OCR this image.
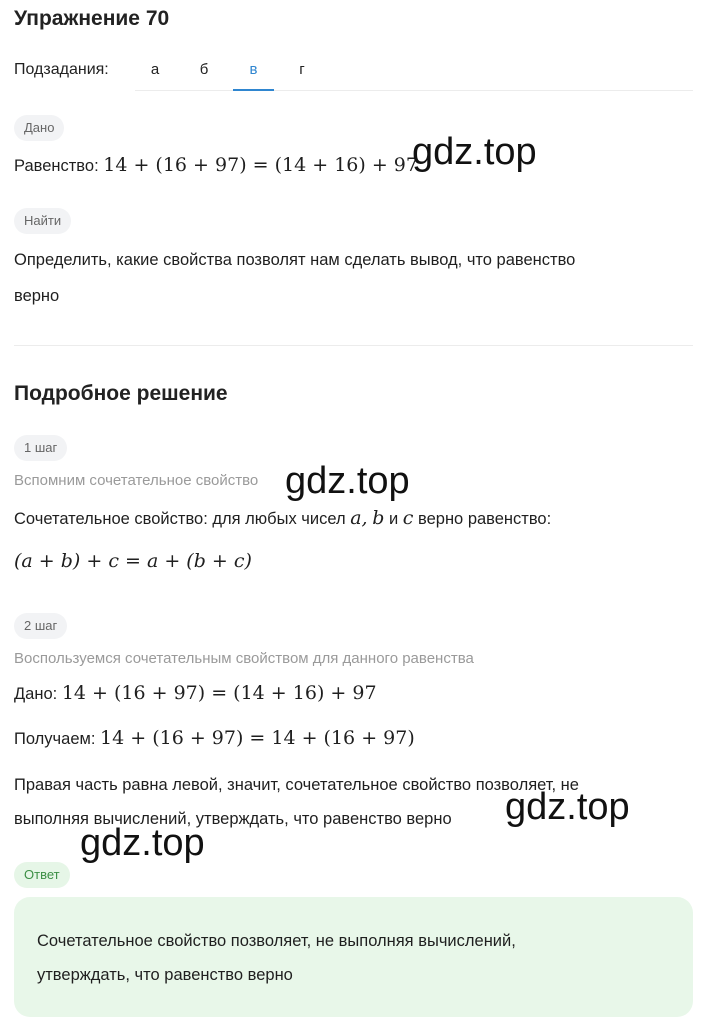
Упражнение 70
Подзадания:	а	б	в	г
Дано
Равенство: 14 + (16 + 97) = (14 + 16) + 97
Найти
Определить, какие свойства позволят нам сделать вывод, что равенство
верно
Подробное решение
1 шаг
Вспомним сочетательное свойство
Сочетательное свойство: для любых чисел a, b и c верно равенство:
(a + b) + c = a + (b + c)
2 шаг
Воспользуемся сочетательным свойством для данного равенства
Дано: 14 + (16 + 97) = (14 + 16) + 97
Получаем: 14 + (16 + 97) = 14 + (16 + 97)
Правая часть равна левой, значит, сочетательное свойство позволяет, не
выполняя вычислений, утверждать, что равенство верно
Ответ
Сочетательное свойство позволяет, не выполняя вычислений,
утверждать, что равенство верно
gdz.top
gdz.top
gdz.top
gdz.top
